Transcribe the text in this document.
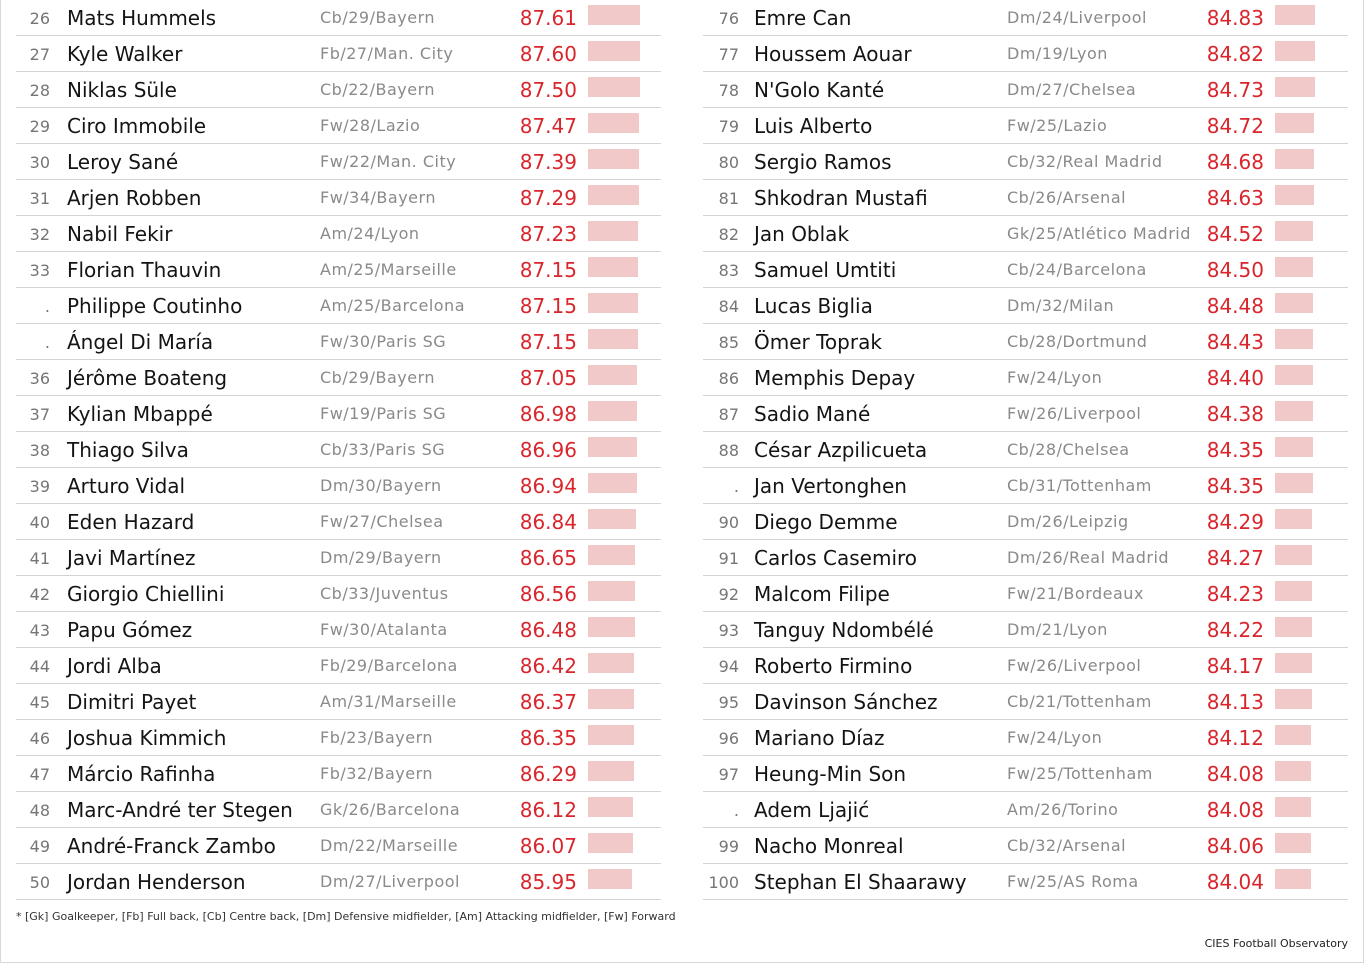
26 Mats Hummels	Cb/29/Bayern	87.61
27 Kyle Walker	Fb/27/Man. City	87.60
28 Niklas Süle	Cb/22/Bayern	87.50
29 Ciro Immobile	Fw/28/Lazio	87.47
30 Leroy Sané	Fw/22/Man. City	87.39
31 Arjen Robben	Fw/34/Bayern	87.29
32 Nabil Fekir	Am/24/Lyon	87.23
33 Florian Thauvin	Am/25/Marseille	87.15
. Philippe Coutinho	Am/25/Barcelona	87.15
. Ángel Di María	Fw/30/Paris SG	87.15
36 Jérôme Boateng	Cb/29/Bayern	87.05
37 Kylian Mbappé	Fw/19/Paris SG	86.98
38 Thiago Silva	Cb/33/Paris SG	86.96
39 Arturo Vidal	Dm/30/Bayern	86.94
40 Eden Hazard	Fw/27/Chelsea	86.84
41 Javi Martínez	Dm/29/Bayern	86.65
42 Giorgio Chiellini	Cb/33/Juventus	86.56
43 Papu Gómez	Fw/30/Atalanta	86.48
44 Jordi Alba	Fb/29/Barcelona	86.42
45 Dimitri Payet	Am/31/Marseille	86.37
46 Joshua Kimmich	Fb/23/Bayern	86.35
47 Márcio Rafinha	Fb/32/Bayern	86.29
48 Marc-André ter Stegen Gk/26/Barcelona	86.12
49 André-Franck Zambo	Dm/22/Marseille	86.07
50 Jordan Henderson	Dm/27/Liverpool	85.95
76 Emre Can	Dm/24/Liverpool	84.83
77 Houssem Aouar	Dm/19/Lyon	84.82
78 N'Golo Kanté	Dm/27/Chelsea	84.73
79 Luis Alberto	Fw/25/Lazio	84.72
80 Sergio Ramos	Cb/32/Real Madrid 84.68
81 Shkodran Mustafi	Cb/26/Arsenal	84.63
82 Jan Oblak	Gk/25/Atlético Madrid 84.52
83 Samuel Umtiti	Cb/24/Barcelona	84.50
84 Lucas Biglia	Dm/32/Milan	84.48
85 Ömer Toprak	Cb/28/Dortmund	84.43
86 Memphis Depay	Fw/24/Lyon	84.40
87 Sadio Mané	Fw/26/Liverpool	84.38
88 César Azpilicueta	Cb/28/Chelsea	84.35
. Jan Vertonghen	Cb/31/Tottenham	84.35
90 Diego Demme	Dm/26/Leipzig	84.29
91 Carlos Casemiro	Dm/26/Real Madrid 84.27
92 Malcom Filipe	Fw/21/Bordeaux	84.23
93 Tanguy Ndombélé	Dm/21/Lyon	84.22
94 Roberto Firmino	Fw/26/Liverpool	84.17
95 Davinson Sánchez	Cb/21/Tottenham	84.13
96 Mariano Díaz	Fw/24/Lyon	84.12
97 Heung-Min Son	Fw/25/Tottenham	84.08
. Adem Ljajić	Am/26/Torino	84.08
99 Nacho Monreal	Cb/32/Arsenal	84.06
100 Stephan El Shaarawy	Fw/25/AS Roma	84.04
* [Gk] Goalkeeper, [Fb] Full back, [Cb] Centre back, [Dm] Defensive midfielder, [Am] Attacking midfielder, [Fw] Forward
CIES Football Observatory
